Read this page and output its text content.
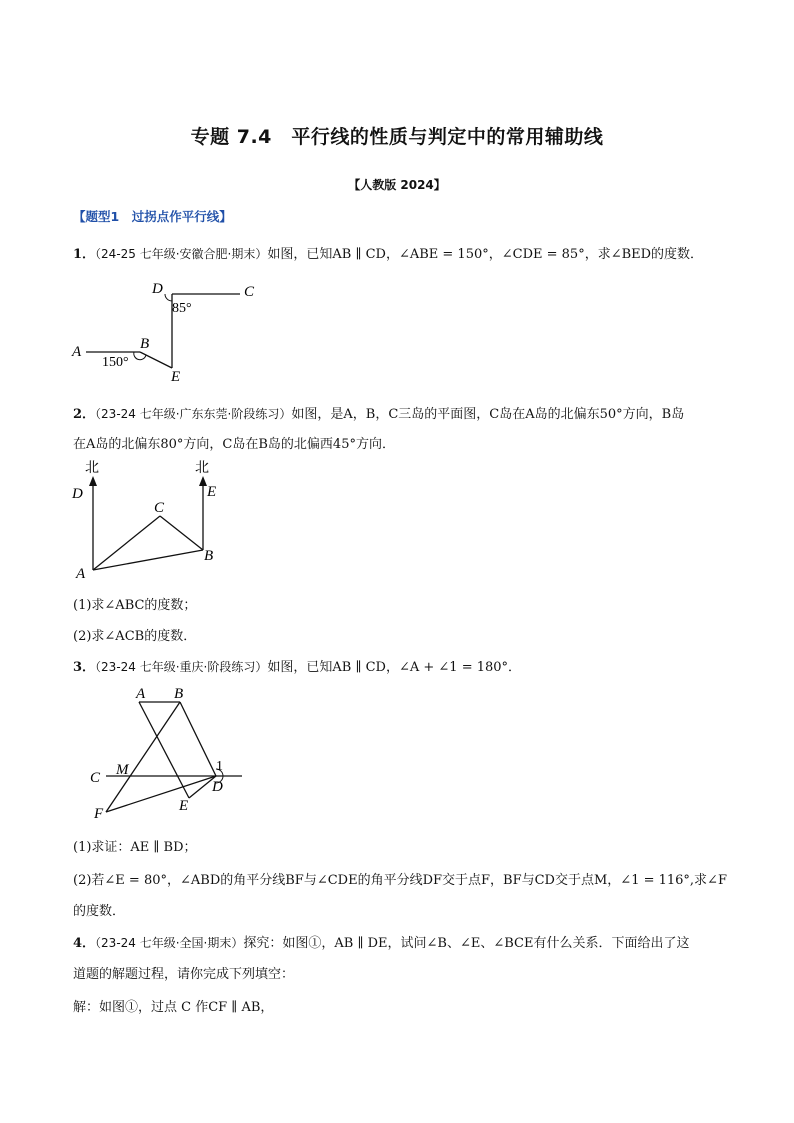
专题 7.4　平行线的性质与判定中的常用辅助线
【人教版 2024】
【题型1　过拐点作平行线】
1．（24-25 七年级·安徽合肥·期末）如图，已知AB ∥ CD，∠ABE = 150°，∠CDE = 85°，求∠BED的度数．
D	C
85°
A	B
150°
E
2．（23-24 七年级·广东东莞·阶段练习）如图，是A，B，C三岛的平面图，C岛在A岛的北偏东50°方向，B岛
在A岛的北偏东80°方向，C岛在B岛的北偏西45°方向．
北	北
D	E
C
B
A
(1)求∠ABC的度数；
(2)求∠ACB的度数．
3．（23-24 七年级·重庆·阶段练习）如图，已知AB ∥ CD，∠A + ∠1 = 180°．
A B
1
M
C
D
E
F
(1)求证：AE ∥ BD；
(2)若∠E = 80°，∠ABD的角平分线BF与∠CDE的角平分线DF交于点F，BF与CD交于点M，∠1 = 116°,求∠F
的度数．
4．（23-24 七年级·全国·期末）探究：如图①，AB ∥ DE，试问∠B、∠E、∠BCE有什么关系．下面给出了这
道题的解题过程，请你完成下列填空：
解：如图①，过点 C 作CF ∥ AB，
